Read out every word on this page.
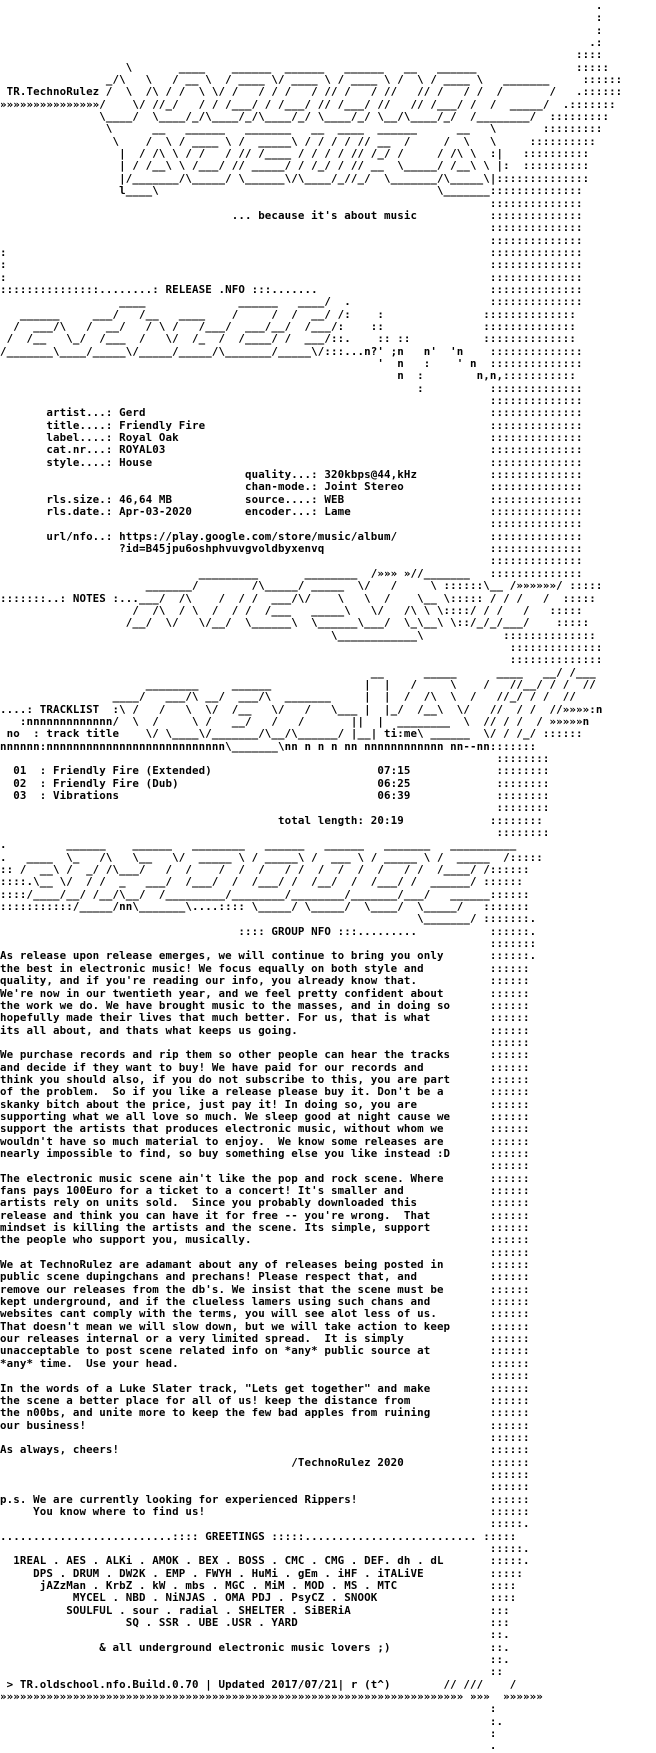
.
:
:
.:
::::
\       ____    ______  ______   ______   __   ______               :::::
_/\   \   / __ \  / ____ \/ ____ \ / ____ \ /  \ / ____ \   _______     ::::::
TR.TechnoRulez /  \  /\ / /  \ \/ /   / / /   / // /   / //   // /   / /  /       /   .::::::
»»»»»»»»»»»»»»»/    \/ //_/   / / /___/ / /___/ // /___/ //   // /___/ /  /  _____/  .:::::::
\____/  \____/_/\____/_/\____/_/ \____/_/ \__/\____/_/  /________/  :::::::::
\      __   ______   _______   __  ____  ______      __   \       :::::::::
\    /  \ / ____ \ /  _____\ / / / / // __  /     /  \   \     ::::::::::
|  / /\ \ / /   / // /____ / / / / // /_/ /     / /\ \  :|   ::::::::::
| / /__\ \ /___/ // _____/ / /_/ / // __  \_____/ /__\ \ |:  ::::::::::
|/_______/\_____/ \______\/\____/_//_/  \_______/\_____\|::::::::::::::
l____\                                          \_______::::::::::::::
::::::::::::::
... because it's about music           ::::::::::::::
::::::::::::::
::::::::::::::
:                                                                         ::::::::::::::
:                                                                         ::::::::::::::
:                                                                         ::::::::::::::
:::::::::::::::........: RELEASE .NFO :::.......                          ::::::::::::::
____              ______   ____/  .                     ::::::::::::::
______     ___/   /__   ____    /     /  /  __/ /:    :               ::::::::::::::
/  ___/\   /  __/   / \ /   /___/  ___/__/  /___/:    ::               ::::::::::::::
/  /__   \_/  /___  /   \/  /_  /  /____/ /  ___/::.    :: ::           ::::::::::::::
/_______\____/_____\/_____/_____/\_______/_____\/:::...n?' ;n   n'  'n    ::::::::::::::
'  n   :    ' n  ::::::::::::::
n  :        n,n,:::::::::::
:          ::::::::::::::
::::::::::::::
artist...: Gerd                                                    ::::::::::::::
title....: Friendly Fire                                           ::::::::::::::
label....: Royal Oak                                               ::::::::::::::
cat.nr...: ROYAL03                                                 ::::::::::::::
style....: House                                                   ::::::::::::::
quality...: 320kbps@44,kHz           ::::::::::::::
chan-mode.: Joint Stereo             ::::::::::::::
rls.size.: 46,64 MB           source....: WEB                      ::::::::::::::
rls.date.: Apr-03-2020        encoder...: Lame                     ::::::::::::::
::::::::::::::
url/nfo..: https://play.google.com/store/music/album/              ::::::::::::::
?id=B45jpu6oshphvuvgvoldbyxenvq                         ::::::::::::::
::::::::::::::
_________       ________  /»»» »//_______   ::::::::::::::
_______/        /\_____/ _____  \/   /     \ ::::::\__ /»»»»»»/ :::::
:::::::..: NOTES :...___/  /\    /  / /  ___/\/    \   \  /    \__ \::::: / / /   /  :::::
/  /\  / \  /  / /  /___   _____\   \/   /\ \ \::::/ / /   /   :::::
/__/  \/   \/__/  \______\  \______\___/  \_\__\ \::/_/_/___/    :::::
\____________\            ::::::::::::::
::::::::::::::
::::::::::::::
__      _____      ____   __/ /___
________     ______              |  |   /     \    /   //__/ / /  //
____/   ___/\ __/  ___/\  _______     |  |  /  /\  \  /   //_/ / /  //
....: TRACKLIST  :\ /   /   \  \/  /__   \/   /   \___ |  |_/  /__\  \/   //  / /  //»»»»:n
:nnnnnnnnnnnnn/  \  /     \ /   __/   /   /       ||  |  ________  \  // / /  / »»»»»n
no  : track title    \/ \____\/_______/\__/\______/ |__| ti:me\ ______  \/ / /_/ ::::::
nnnnnn:nnnnnnnnnnnnnnnnnnnnnnnnnnn\_______\nn n n n nn nnnnnnnnnnnn nn--nn:::::::
::::::::
01  : Friendly Fire (Extended)                         07:15             ::::::::
02  : Friendly Fire (Dub)                              06:25             ::::::::
03  : Vibrations                                       06:39             ::::::::
::::::::
total length: 20:19             ::::::::
::::::::
.         ______    ______   ________   ______   ______   _______   __________
.   ____  \_   /\   \__   \/  _____ \ / _____\ /  ___ \ / _____ \ /  _____  /:::::
:: /  __\ /  _/ /\___/   /  /    /  /  /   / /  /  /  /  /   / /  /____/ /::::::
::::.\__ \/  / /  _   ___/  /___/  /  /___/ /  /__/  /  /___/ /  ______/ ::::::
::::/____/__/ /__/\__/  /_________/________/________/_______/___/   ______::::::
:::::::::::/_____/nn\_______\....:::: \_____/ \_____/  \____/  \_____/   :::::::
\_______/ :::::::.
:::: GROUP NFO :::.........           ::::::.
:::::::
As release upon release emerges, we will continue to bring you only       ::::::.
the best in electronic music! We focus equally on both style and          ::::::
quality, and if you're reading our info, you already know that.           ::::::
We're now in our twentieth year, and we feel pretty confident about       ::::::
the work we do. We have brought music to the masses, and in doing so      ::::::
hopefully made their lives that much better. For us, that is what         ::::::
its all about, and thats what keeps us going.                             ::::::
::::::
We purchase records and rip them so other people can hear the tracks      ::::::
and decide if they want to buy! We have paid for our records and          ::::::
think you should also, if you do not subscribe to this, you are part      ::::::
of the problem.  So if you like a release please buy it. Don't be a       ::::::
skanky bitch about the price, just pay it! In doing so, you are           ::::::
supporting what we all love so much. We sleep good at night cause we      ::::::
support the artists that produces electronic music, without whom we       ::::::
wouldn't have so much material to enjoy.  We know some releases are       ::::::
nearly impossible to find, so buy something else you like instead :D      ::::::
::::::
The electronic music scene ain't like the pop and rock scene. Where       ::::::
fans pays 100Euro for a ticket to a concert! It's smaller and             ::::::
artists rely on units sold.  Since you probably downloaded this           ::::::
release and think you can have it for free -- you're wrong.  That         ::::::
mindset is killing the artists and the scene. Its simple, support         ::::::
the people who support you, musically.                                    ::::::
::::::
We at TechnoRulez are adamant about any of releases being posted in       ::::::
public scene dupingchans and prechans! Please respect that, and           ::::::
remove our releases from the db's. We insist that the scene must be       ::::::
kept underground, and if the clueless lamers using such chans and         ::::::
websites cant comply with the terms, you will see alot less of us.        ::::::
That doesn't mean we will slow down, but we will take action to keep      ::::::
our releases internal or a very limited spread.  It is simply             ::::::
unacceptable to post scene related info on *any* public source at         ::::::
*any* time.  Use your head.                                               ::::::
::::::
In the words of a Luke Slater track, "Lets get together" and make         ::::::
the scene a better place for all of us! keep the distance from            ::::::
the n00bs, and unite more to keep the few bad apples from ruining         ::::::
our business!                                                             ::::::
::::::
As always, cheers!                                                        ::::::
/TechnoRulez 2020             ::::::
::::::
::::::
p.s. We are currently looking for experienced Rippers!                    ::::::
You know where to find us!                                           ::::::
:::::.
..........................:::: GREETINGS :::::.......................... :::::
:::::.
1REAL . AES . ALKi . AMOK . BEX . BOSS . CMC . CMG . DEF. dh . dL       :::::.
DPS . DRUM . DW2K . EMP . FWYH . HuMi . gEm . iHF . iTALiVE          :::::
jAZzMan . KrbZ . kW . mbs . MGC . MiM . MOD . MS . MTC              ::::
MYCEL . NBD . NiNJAS . OMA PDJ . PsyCZ . SNOOK                 ::::
SOULFUL . sour . radial . SHELTER . SiBERiA                     :::
SQ . SSR . UBE .USR . YARD                             :::
::.
& all underground electronic music lovers ;)               ::.
::.
::
> TR.oldschool.nfo.Build.0.70 | Updated 2017/07/21| r (t^)        // ///    /
»»»»»»»»»»»»»»»»»»»»»»»»»»»»»»»»»»»»»»»»»»»»»»»»»»»»»»»»»»»»»»»»»»»»»» »»»  »»»»»»
:
:.
:
.
